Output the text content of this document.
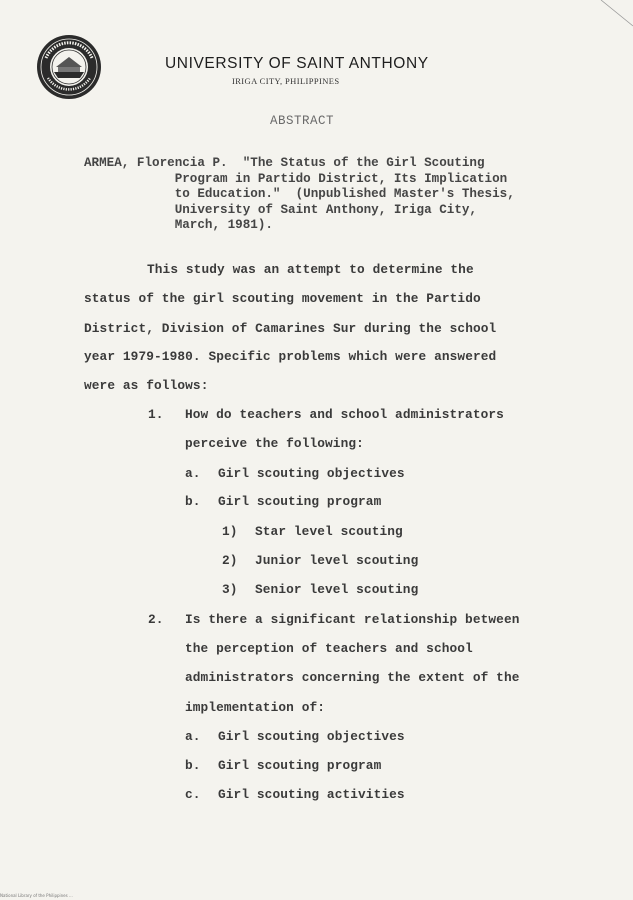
UNIVERSITY OF SAINT ANTHONY
IRIGA CITY, PHILIPPINES
ABSTRACT
ARMEA, Florencia P.  "The Status of the Girl Scouting
Program in Partido District, Its Implication
to Education."  (Unpublished Master's Thesis,
University of Saint Anthony, Iriga City,
March, 1981).
This study was an attempt to determine the
status of the girl scouting movement in the Partido
District, Division of Camarines Sur during the school
year 1979-1980. Specific problems which were answered
were as follows:
1. How do teachers and school administrators
perceive the following:
a. Girl scouting objectives
b. Girl scouting program
1) Star level scouting
2) Junior level scouting
3) Senior level scouting
2. Is there a significant relationship between
the perception of teachers and school
administrators concerning the extent of the
implementation of:
a. Girl scouting objectives
b. Girl scouting program
c. Girl scouting activities
National Library of the Philippines ...
